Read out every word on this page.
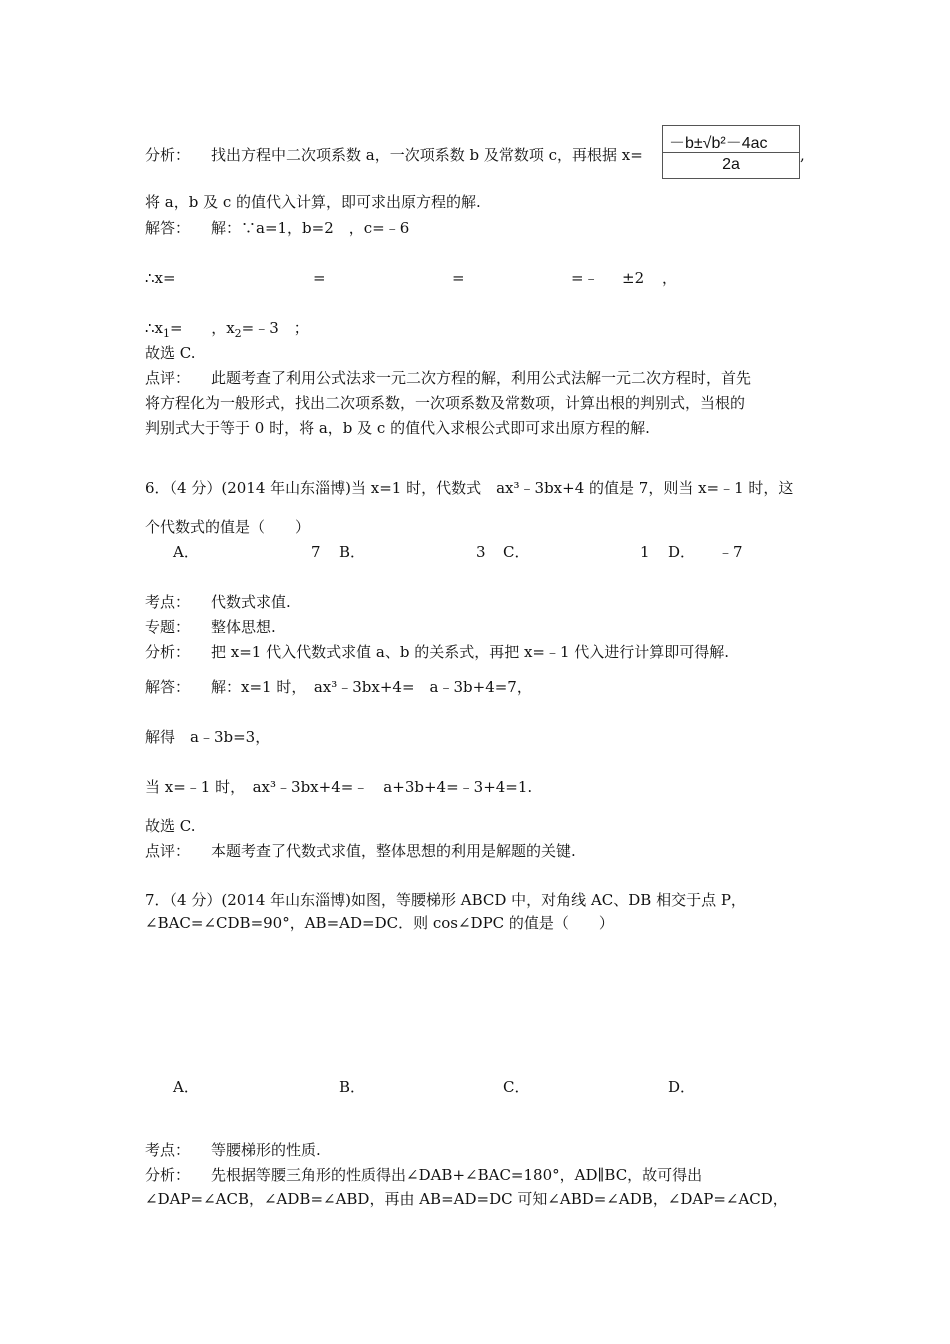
分析： 找出方程中二次项系数 a，一次项系数 b 及常数项 c，再根据 x=
－b±√b²－4ac
2a
,
将 a，b 及 c 的值代入计算，即可求出原方程的解.
解答： 解：∵a=1，b=2　，c=﹣6
∴x=	=	=	=﹣ ±2 ，
$\therefore x_1=$ ，$x_2=﹣3$　；
故选 C.
点评： 此题考查了利用公式法求一元二次方程的解，利用公式法解一元二次方程时，首先
将方程化为一般形式，找出二次项系数，一次项系数及常数项，计算出根的判别式，当根的
判别式大于等于 0 时，将 a，b 及 c 的值代入求根公式即可求出原方程的解.
6．（4 分）(2014 年山东淄博)当 x=1 时，代数式　ax³﹣3bx+4 的值是 7，则当 x=﹣1 时，这
个代数式的值是（　　）
A．	7 B．	3 C．	1 D． ﹣7
考点： 代数式求值.
专题： 整体思想.
分析： 把 x=1 代入代数式求值 a、b 的关系式，再把 x=﹣1 代入进行计算即可得解.
解答： 解：x=1 时，　ax³﹣3bx+4=　a﹣3b+4=7，
解得　a﹣3b=3，
当 x=﹣1 时，　ax³﹣3bx+4=﹣　a+3b+4=﹣3+4=1.
故选 C.
点评： 本题考查了代数式求值，整体思想的利用是解题的关键.
7．（4 分）(2014 年山东淄博)如图，等腰梯形 ABCD 中，对角线 AC、DB 相交于点 P，
∠BAC=∠CDB=90°，AB=AD=DC．则 cos∠DPC 的值是（　　）
A．	B．	C．	D．
考点： 等腰梯形的性质.
分析： 先根据等腰三角形的性质得出∠DAB+∠BAC=180°，AD∥BC，故可得出
∠DAP=∠ACB，∠ADB=∠ABD，再由 AB=AD=DC 可知∠ABD=∠ADB，∠DAP=∠ACD，
